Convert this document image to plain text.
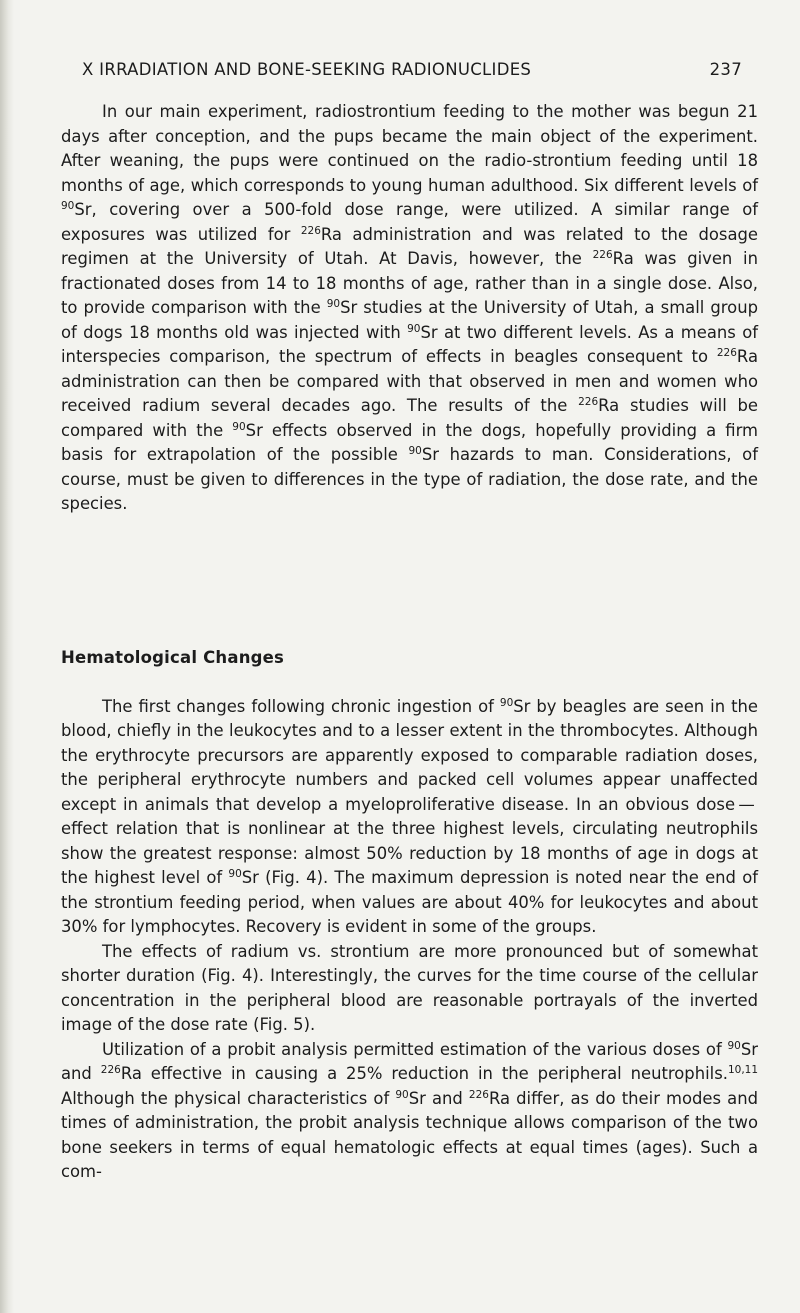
X IRRADIATION AND BONE-SEEKING RADIONUCLIDES	237

In our main experiment, radiostrontium feeding to the mother was begun 21 days after conception, and the pups became the main object of the experiment. After weaning, the pups were continued on the radio-strontium feeding until 18 months of age, which corresponds to young human adulthood. Six different levels of $^{90}$Sr, covering over a 500-fold dose range, were utilized. A similar range of exposures was utilized for $^{226}$Ra administration and was related to the dosage regimen at the University of Utah. At Davis, however, the $^{226}$Ra was given in fractionated doses from 14 to 18 months of age, rather than in a single dose. Also, to provide comparison with the $^{90}$Sr studies at the University of Utah, a small group of dogs 18 months old was injected with $^{90}$Sr at two different levels. As a means of interspecies comparison, the spectrum of effects in beagles consequent to $^{226}$Ra administration can then be compared with that observed in men and women who received radium several decades ago. The results of the $^{226}$Ra studies will be compared with the $^{90}$Sr effects observed in the dogs, hopefully providing a firm basis for extrapolation of the possible $^{90}$Sr hazards to man. Considerations, of course, must be given to differences in the type of radiation, the dose rate, and the species.

Hematological Changes

The first changes following chronic ingestion of $^{90}$Sr by beagles are seen in the blood, chiefly in the leukocytes and to a lesser extent in the thrombocytes. Although the erythrocyte precursors are apparently exposed to comparable radiation doses, the peripheral erythrocyte numbers and packed cell volumes appear unaffected except in animals that develop a myeloproliferative disease. In an obvious dose — effect relation that is nonlinear at the three highest levels, circulating neutrophils show the greatest response: almost 50% reduction by 18 months of age in dogs at the highest level of $^{90}$Sr (Fig. 4). The maximum depression is noted near the end of the strontium feeding period, when values are about 40% for leukocytes and about 30% for lymphocytes. Recovery is evident in some of the groups.

The effects of radium vs. strontium are more pronounced but of somewhat shorter duration (Fig. 4). Interestingly, the curves for the time course of the cellular concentration in the peripheral blood are reasonable portrayals of the inverted image of the dose rate (Fig. 5).

Utilization of a probit analysis permitted estimation of the various doses of $^{90}$Sr and $^{226}$Ra effective in causing a 25% reduction in the peripheral neutrophils.$^{10,11}$ Although the physical characteristics of $^{90}$Sr and $^{226}$Ra differ, as do their modes and times of administration, the probit analysis technique allows comparison of the two bone seekers in terms of equal hematologic effects at equal times (ages). Such a com-
